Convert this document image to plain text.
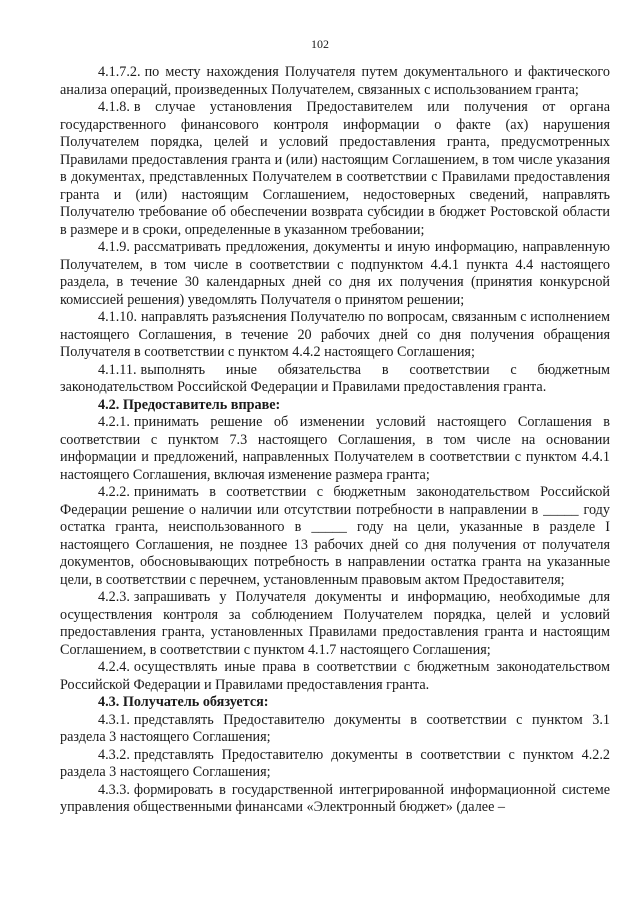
102

4.1.7.2. по месту нахождения Получателя путем документального и фактического анализа операций, произведенных Получателем, связанных с использованием гранта;

4.1.8. в случае установления Предоставителем или получения от органа государственного финансового контроля информации о факте (ах) нарушения Получателем порядка, целей и условий предоставления гранта, предусмотренных Правилами предоставления гранта и (или) настоящим Соглашением, в том числе указания в документах, представленных Получателем в соответствии с Правилами предоставления гранта и (или) настоящим Соглашением, недостоверных сведений, направлять Получателю требование об обеспечении возврата субсидии в бюджет Ростовской области в размере и в сроки, определенные в указанном требовании;

4.1.9. рассматривать предложения, документы и иную информацию, направленную Получателем, в том числе в соответствии с подпунктом 4.4.1 пункта 4.4 настоящего раздела, в течение 30 календарных дней со дня их получения (принятия конкурсной комиссией решения) уведомлять Получателя о принятом решении;

4.1.10. направлять разъяснения Получателю по вопросам, связанным с исполнением настоящего Соглашения, в течение 20 рабочих дней со дня получения обращения Получателя в соответствии с пунктом 4.4.2 настоящего Соглашения;

4.1.11. выполнять иные обязательства в соответствии с бюджетным законодательством Российской Федерации и Правилами предоставления гранта.

4.2. Предоставитель вправе:

4.2.1. принимать решение об изменении условий настоящего Соглашения в соответствии с пунктом 7.3 настоящего Соглашения, в том числе на основании информации и предложений, направленных Получателем в соответствии с пунктом 4.4.1 настоящего Соглашения, включая изменение размера гранта;

4.2.2. принимать в соответствии с бюджетным законодательством Российской Федерации решение о наличии или отсутствии потребности в направлении в _____ году остатка гранта, неиспользованного в _____ году на цели, указанные в разделе I настоящего Соглашения, не позднее 13 рабочих дней со дня получения от получателя документов, обосновывающих потребность в направлении остатка гранта на указанные цели, в соответствии с перечнем, установленным правовым актом Предоставителя;

4.2.3. запрашивать у Получателя документы и информацию, необходимые для осуществления контроля за соблюдением Получателем порядка, целей и условий предоставления гранта, установленных Правилами предоставления гранта и настоящим Соглашением, в соответствии с пунктом 4.1.7 настоящего Соглашения;

4.2.4. осуществлять иные права в соответствии с бюджетным законодательством Российской Федерации и Правилами предоставления гранта.

4.3. Получатель обязуется:

4.3.1. представлять Предоставителю документы в соответствии с пунктом 3.1 раздела 3 настоящего Соглашения;

4.3.2. представлять Предоставителю документы в соответствии с пунктом 4.2.2 раздела 3 настоящего Соглашения;

4.3.3. формировать в государственной интегрированной информационной системе управления общественными финансами «Электронный бюджет» (далее –
